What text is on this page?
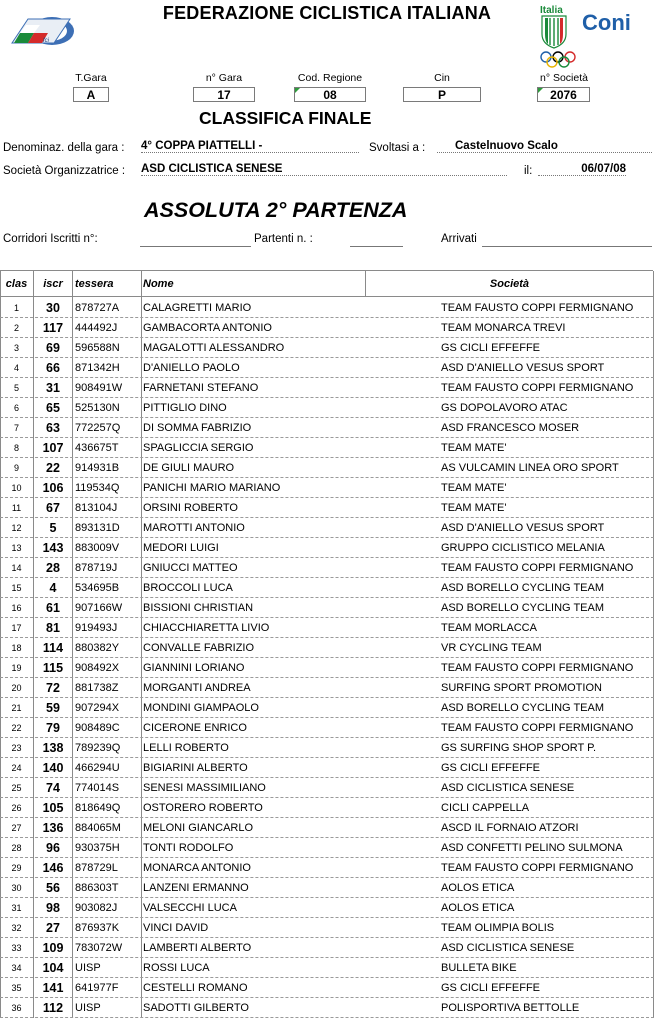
fci
FEDERAZIONE CICLISTICA ITALIANA	Italia Coni
T.Gara
A
n° Gara
17
Cod. Regione
08
Cin
P
n° Società
2076
CLASSIFICA FINALE
Denominaz. della gara : 4° COPPA PIATTELLI -	Svoltasi a :	Castelnuovo Scalo
Società Organizzatrice : ASD CICLISTICA SENESE	il:	06/07/08
ASSOLUTA 2° PARTENZA
Corridori Iscritti n°:	Partenti n. :	Arrivati
clas	iscr	tessera	Nome	Società
1	30	878727A	CALAGRETTI MARIO	TEAM FAUSTO COPPI FERMIGNANO
2	117	444492J	GAMBACORTA ANTONIO	TEAM MONARCA TREVI
3	69	596588N	MAGALOTTI ALESSANDRO	GS CICLI EFFEFFE
4	66	871342H	D'ANIELLO PAOLO	ASD D'ANIELLO VESUS SPORT
5	31	908491W	FARNETANI STEFANO	TEAM FAUSTO COPPI FERMIGNANO
6	65	525130N	PITTIGLIO DINO	GS DOPOLAVORO ATAC
7	63	772257Q	DI SOMMA FABRIZIO	ASD FRANCESCO MOSER
8	107	436675T	SPAGLICCIA SERGIO	TEAM MATE'
9	22	914931B	DE GIULI MAURO	AS VULCAMIN LINEA ORO SPORT
10	106	119534Q	PANICHI MARIO MARIANO	TEAM MATE'
11	67	813104J	ORSINI ROBERTO	TEAM MATE'
12	5	893131D	MAROTTI ANTONIO	ASD D'ANIELLO VESUS SPORT
13	143	883009V	MEDORI LUIGI	GRUPPO CICLISTICO MELANIA
14	28	878719J	GNIUCCI MATTEO	TEAM FAUSTO COPPI FERMIGNANO
15	4	534695B	BROCCOLI LUCA	ASD BORELLO CYCLING TEAM
16	61	907166W	BISSIONI CHRISTIAN	ASD BORELLO CYCLING TEAM
17	81	919493J	CHIACCHIARETTA LIVIO	TEAM MORLACCA
18	114	880382Y	CONVALLE FABRIZIO	VR CYCLING TEAM
19	115	908492X	GIANNINI LORIANO	TEAM FAUSTO COPPI FERMIGNANO
20	72	881738Z	MORGANTI ANDREA	SURFING SPORT PROMOTION
21	59	907294X	MONDINI GIAMPAOLO	ASD BORELLO CYCLING TEAM
22	79	908489C	CICERONE ENRICO	TEAM FAUSTO COPPI FERMIGNANO
23	138	789239Q	LELLI ROBERTO	GS SURFING SHOP SPORT P.
24	140	466294U	BIGIARINI ALBERTO	GS CICLI EFFEFFE
25	74	774014S	SENESI MASSIMILIANO	ASD CICLISTICA SENESE
26	105	818649Q	OSTORERO ROBERTO	CICLI CAPPELLA
27	136	884065M	MELONI GIANCARLO	ASCD IL FORNAIO ATZORI
28	96	930375H	TONTI RODOLFO	ASD CONFETTI PELINO SULMONA
29	146	878729L	MONARCA ANTONIO	TEAM FAUSTO COPPI FERMIGNANO
30	56	886303T	LANZENI ERMANNO	AOLOS ETICA
31	98	903082J	VALSECCHI LUCA	AOLOS ETICA
32	27	876937K	VINCI DAVID	TEAM OLIMPIA BOLIS
33	109	783072W	LAMBERTI ALBERTO	ASD CICLISTICA SENESE
34	104	UISP	ROSSI LUCA	BULLETA BIKE
35	141	641977F	CESTELLI ROMANO	GS CICLI EFFEFFE
36	112	UISP	SADOTTI GILBERTO	POLISPORTIVA BETTOLLE
